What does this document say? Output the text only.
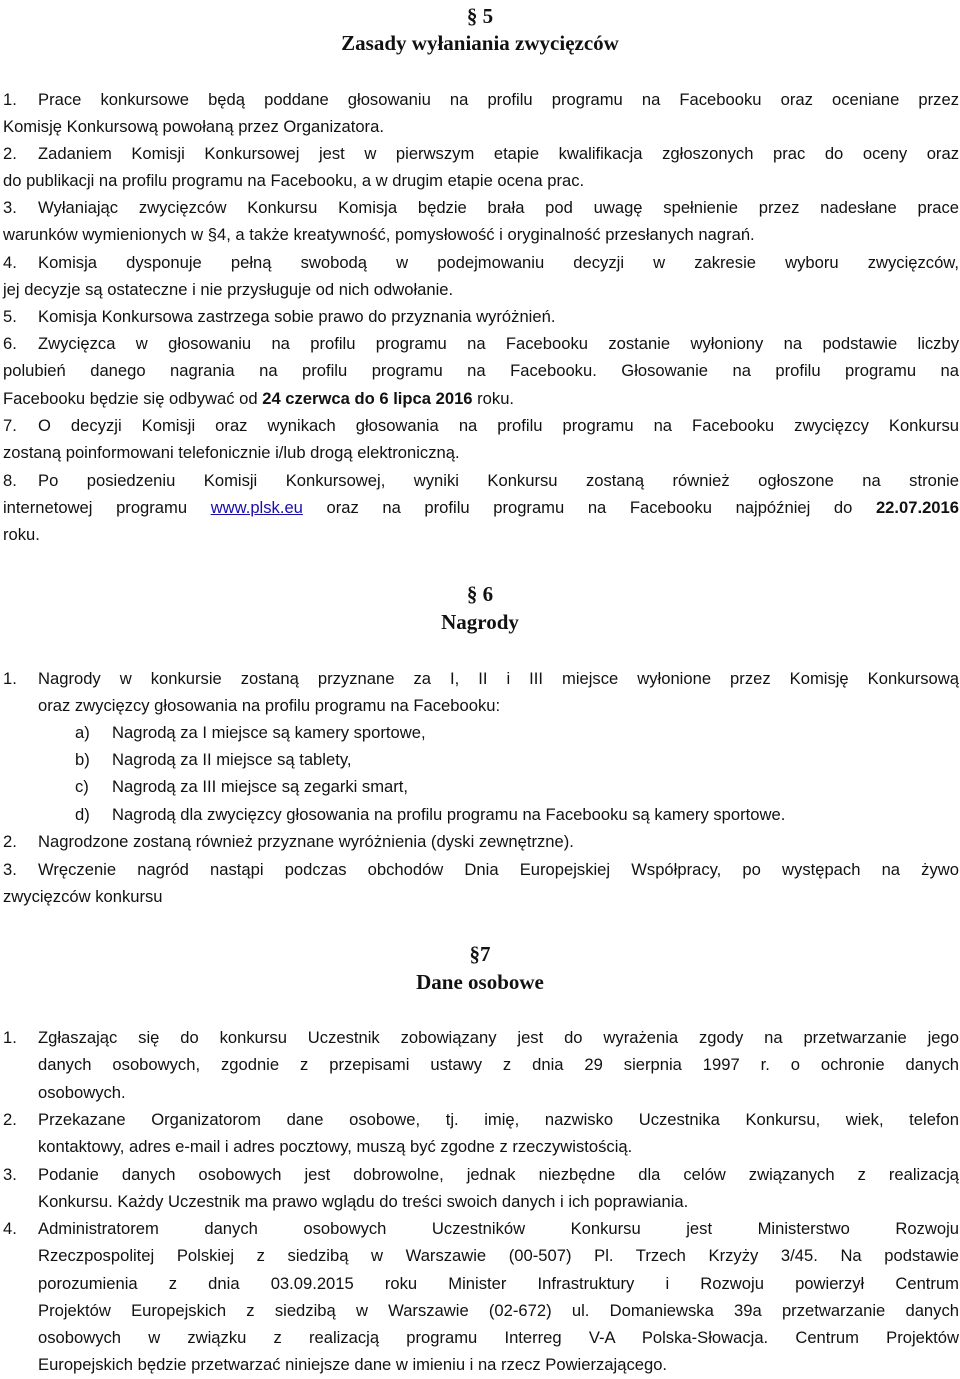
§ 5
Zasady wyłaniania zwycięzców
1. Prace konkursowe będą poddane głosowaniu na profilu programu na Facebooku oraz oceniane przez
Komisję Konkursową powołaną przez Organizatora.
2. Zadaniem Komisji Konkursowej jest w pierwszym etapie kwalifikacja zgłoszonych prac do oceny oraz
do publikacji na profilu programu na Facebooku, a w drugim etapie ocena prac.
3. Wyłaniając zwycięzców Konkursu Komisja będzie brała pod uwagę spełnienie przez nadesłane prace
warunków wymienionych w §4, a także kreatywność, pomysłowość i oryginalność przesłanych nagrań.
4. Komisja dysponuje pełną swobodą w podejmowaniu decyzji w zakresie wyboru zwycięzców,
jej decyzje są ostateczne i nie przysługuje od nich odwołanie.
5. Komisja Konkursowa zastrzega sobie prawo do przyznania wyróżnień.
6. Zwycięzca w głosowaniu na profilu programu na Facebooku zostanie wyłoniony na podstawie liczby
polubień danego nagrania na profilu programu na Facebooku. Głosowanie na profilu programu na
Facebooku będzie się odbywać od 24 czerwca do 6 lipca 2016 roku.
7. O decyzji Komisji oraz wynikach głosowania na profilu programu na Facebooku zwycięzcy Konkursu
zostaną poinformowani telefonicznie i/lub drogą elektroniczną.
8. Po posiedzeniu Komisji Konkursowej, wyniki Konkursu zostaną również ogłoszone na stronie
internetowej programu www.plsk.eu oraz na profilu programu na Facebooku najpóźniej do 22.07.2016
roku.
§ 6
Nagrody
1. Nagrody w konkursie zostaną przyznane za I, II i III miejsce wyłonione przez Komisję Konkursową
oraz zwycięzcy głosowania na profilu programu na Facebooku:
a) Nagrodą za I miejsce są kamery sportowe,
b) Nagrodą za II miejsce są tablety,
c) Nagrodą za III miejsce są zegarki smart,
d) Nagrodą dla zwycięzcy głosowania na profilu programu na Facebooku są kamery sportowe.
2. Nagrodzone zostaną również przyznane wyróżnienia (dyski zewnętrzne).
3. Wręczenie nagród nastąpi podczas obchodów Dnia Europejskiej Współpracy, po występach na żywo
zwycięzców konkursu
§7
Dane osobowe
1. Zgłaszając się do konkursu Uczestnik zobowiązany jest do wyrażenia zgody na przetwarzanie jego
danych osobowych, zgodnie z przepisami ustawy z dnia 29 sierpnia 1997 r. o ochronie danych
osobowych.
2. Przekazane Organizatorom dane osobowe, tj. imię, nazwisko Uczestnika Konkursu, wiek, telefon
kontaktowy, adres e-mail i adres pocztowy, muszą być zgodne z rzeczywistością.
3. Podanie danych osobowych jest dobrowolne, jednak niezbędne dla celów związanych z realizacją
Konkursu. Każdy Uczestnik ma prawo wglądu do treści swoich danych i ich poprawiania.
4. Administratorem danych osobowych Uczestników Konkursu jest Ministerstwo Rozwoju
Rzeczpospolitej Polskiej z siedzibą w Warszawie (00-507) Pl. Trzech Krzyży 3/45. Na podstawie
porozumienia z dnia 03.09.2015 roku Minister Infrastruktury i Rozwoju powierzył Centrum
Projektów Europejskich z siedzibą w Warszawie (02-672) ul. Domaniewska 39a przetwarzanie danych
osobowych w związku z realizacją programu Interreg V-A Polska-Słowacja. Centrum Projektów
Europejskich będzie przetwarzać niniejsze dane w imieniu i na rzecz Powierzającego.
